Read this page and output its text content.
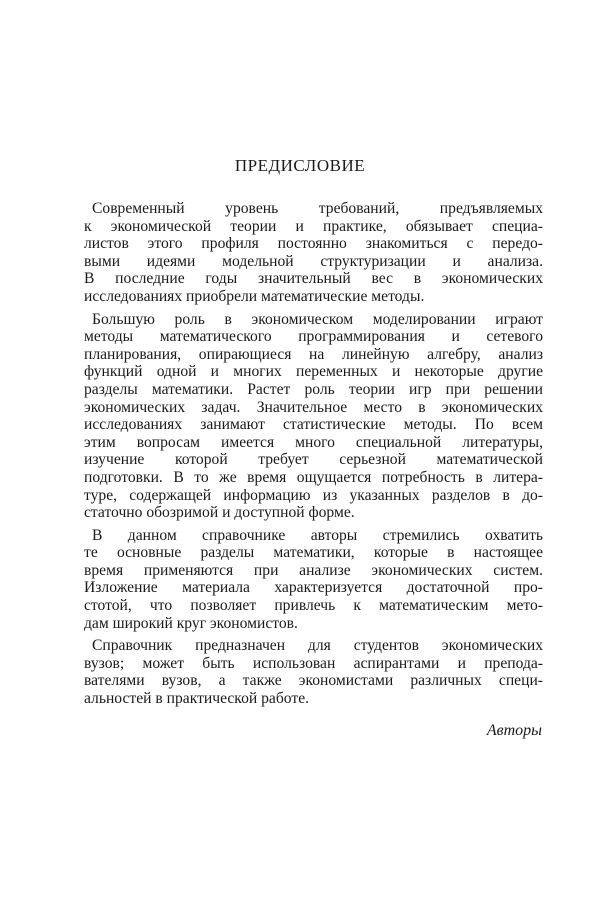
ПРЕДИСЛОВИЕ
Современный уровень требований, предъявляемых
к экономической теории и практике, обязывает специа-
листов этого профиля постоянно знакомиться с передо-
выми идеями модельной структуризации и анализа.
В последние годы значительный вес в экономических
исследованиях приобрели математические методы.
Большую роль в экономическом моделировании играют
методы математического программирования и сетевого
планирования, опирающиеся на линейную алгебру, анализ
функций одной и многих переменных и некоторые другие
разделы математики. Растет роль теории игр при решении
экономических задач. Значительное место в экономических
исследованиях занимают статистические методы. По всем
этим вопросам имеется много специальной литературы,
изучение которой требует серьезной математической
подготовки. В то же время ощущается потребность в литера-
туре, содержащей информацию из указанных разделов в до-
статочно обозримой и доступной форме.
В данном справочнике авторы стремились охватить
те основные разделы математики, которые в настоящее
время применяются при анализе экономических систем.
Изложение материала характеризуется достаточной про-
стотой, что позволяет привлечь к математическим мето-
дам широкий круг экономистов.
Справочник предназначен для студентов экономических
вузов; может быть использован аспирантами и препода-
вателями вузов, а также экономистами различных специ-
альностей в практической работе.
Авторы
